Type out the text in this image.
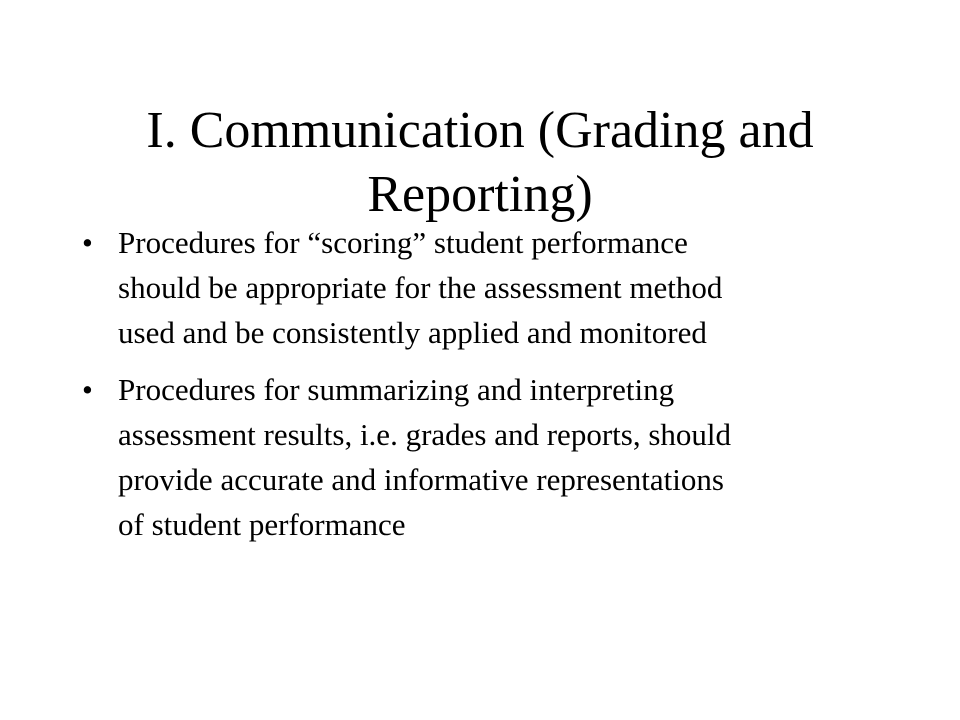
I. Communication (Grading and
Reporting)
• Procedures for “scoring” student performance
should be appropriate for the assessment method
used and be consistently applied and monitored
• Procedures for summarizing and interpreting
assessment results, i.e. grades and reports, should
provide accurate and informative representations
of student performance
